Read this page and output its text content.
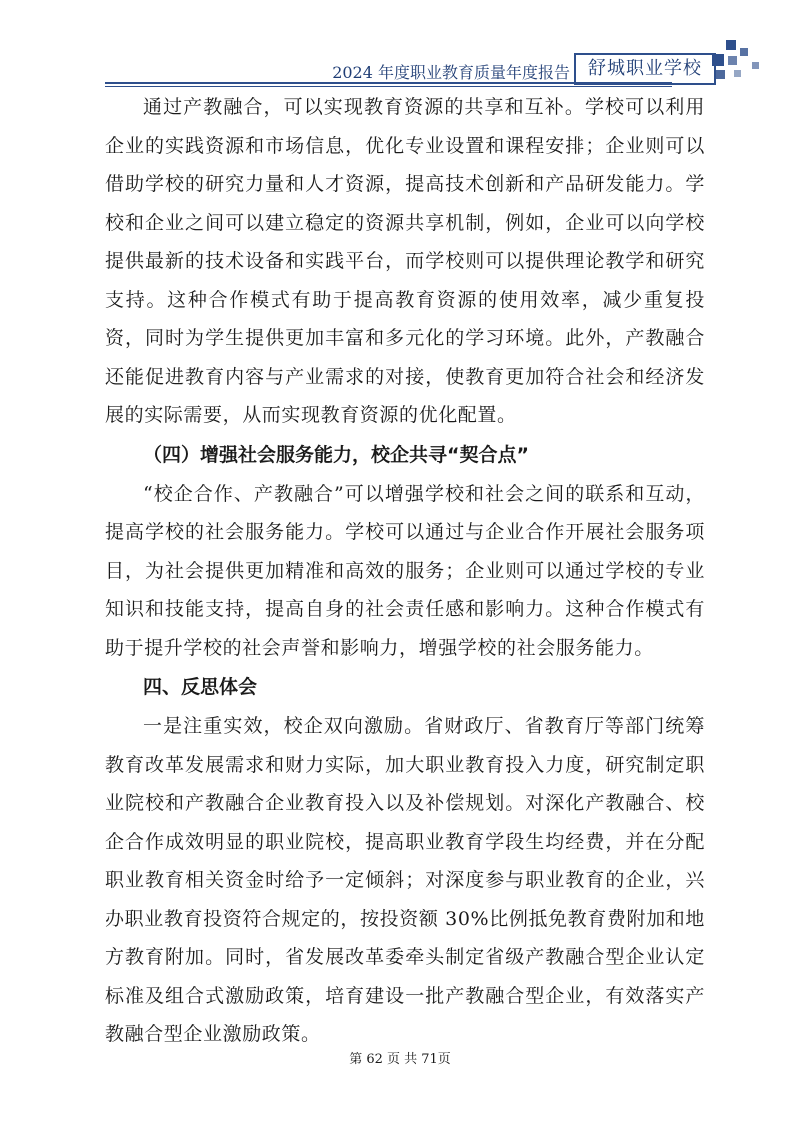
2024 年度职业教育质量年度报告	舒城职业学校

通过产教融合，可以实现教育资源的共享和互补。学校可以利用企业的实践资源和市场信息，优化专业设置和课程安排；企业则可以借助学校的研究力量和人才资源，提高技术创新和产品研发能力。学校和企业之间可以建立稳定的资源共享机制，例如，企业可以向学校提供最新的技术设备和实践平台，而学校则可以提供理论教学和研究支持。这种合作模式有助于提高教育资源的使用效率，减少重复投资，同时为学生提供更加丰富和多元化的学习环境。此外，产教融合还能促进教育内容与产业需求的对接，使教育更加符合社会和经济发展的实际需要，从而实现教育资源的优化配置。

（四）增强社会服务能力，校企共寻“契合点”

“校企合作、产教融合”可以增强学校和社会之间的联系和互动，提高学校的社会服务能力。学校可以通过与企业合作开展社会服务项目，为社会提供更加精准和高效的服务；企业则可以通过学校的专业知识和技能支持，提高自身的社会责任感和影响力。这种合作模式有助于提升学校的社会声誉和影响力，增强学校的社会服务能力。

四、反思体会

一是注重实效，校企双向激励。省财政厅、省教育厅等部门统筹教育改革发展需求和财力实际，加大职业教育投入力度，研究制定职业院校和产教融合企业教育投入以及补偿规划。对深化产教融合、校企合作成效明显的职业院校，提高职业教育学段生均经费，并在分配职业教育相关资金时给予一定倾斜；对深度参与职业教育的企业，兴办职业教育投资符合规定的，按投资额 30%比例抵免教育费附加和地方教育附加。同时，省发展改革委牵头制定省级产教融合型企业认定标准及组合式激励政策，培育建设一批产教融合型企业，有效落实产教融合型企业激励政策。

第 62 页 共 71页
